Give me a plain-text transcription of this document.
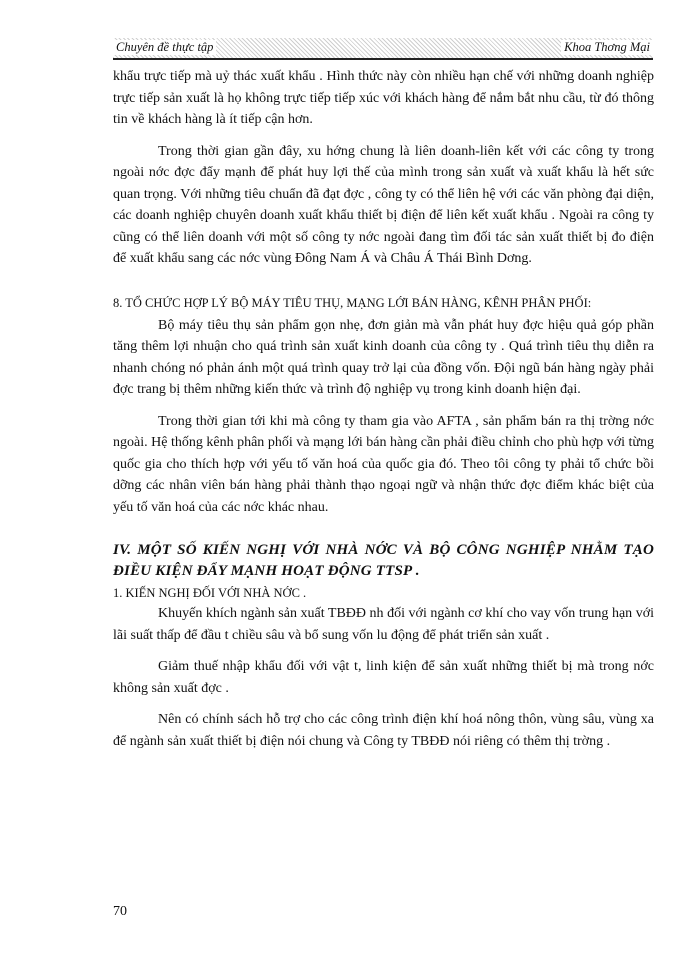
Chuyên đề thực tập	Khoa Thơng Mại

khẩu trực tiếp mà uỷ thác xuất khẩu . Hình thức này còn nhiều hạn chế với những doanh nghiệp trực tiếp sản xuất là họ không trực tiếp tiếp xúc với khách hàng để nắm bắt nhu cầu, từ đó thông tin về khách hàng là ít tiếp cận hơn.

Trong thời gian gần đây, xu hớng chung là liên doanh-liên kết với các công ty trong ngoài nớc đợc đẩy mạnh để phát huy lợi thế của mình trong sản xuất và xuất khẩu là hết sức quan trọng. Với những tiêu chuẩn đã đạt đợc , công ty có thể liên hệ với các văn phòng đại diện, các doanh nghiệp chuyên doanh xuất khẩu thiết bị điện để liên kết xuất khẩu . Ngoài ra công ty cũng có thể liên doanh với một số công ty nớc ngoài đang tìm đối tác sản xuất thiết bị đo điện để xuất khẩu sang các nớc vùng Đông Nam Á và Châu Á Thái Bình Dơng.

8. TỔ CHỨC HỢP LÝ BỘ MÁY TIÊU THỤ, MẠNG LỚI BÁN HÀNG, KÊNH PHÂN PHỐI:

Bộ máy tiêu thụ sản phẩm gọn nhẹ, đơn giản mà vẫn phát huy đợc hiệu quả góp phần tăng thêm lợi nhuận cho quá trình sản xuất kinh doanh của công ty . Quá trình tiêu thụ diễn ra nhanh chóng nó phản ánh một quá trình quay trở lại của đồng vốn. Đội ngũ bán hàng ngày phải đợc trang bị thêm những kiến thức và trình độ nghiệp vụ trong kinh doanh hiện đại.

Trong thời gian tới khi mà công ty tham gia vào AFTA , sản phẩm bán ra thị trờng nớc ngoài. Hệ thống kênh phân phối và mạng lới bán hàng cần phải điều chỉnh cho phù hợp với từng quốc gia cho thích hợp với yếu tố văn hoá của quốc gia đó. Theo tôi công ty phải tổ chức bồi dỡng các nhân viên bán hàng phải thành thạo ngoại ngữ và nhận thức đợc điểm khác biệt của yếu tố văn hoá của các nớc khác nhau.

IV. MỘT SỐ KIẾN NGHỊ VỚI NHÀ NỚC VÀ BỘ CÔNG NGHIỆP NHẰM TẠO ĐIỀU KIỆN ĐẨY MẠNH HOẠT ĐỘNG TTSP .

1. KIẾN NGHỊ ĐỐI VỚI NHÀ NỚC .

Khuyến khích ngành sản xuất TBĐĐ nh đối với ngành cơ khí cho vay vốn trung hạn với lãi suất thấp để đầu t chiều sâu và bổ sung vốn lu động để phát triển sản xuất .

Giảm thuế nhập khẩu đối với vật t, linh kiện để sản xuất những thiết bị mà trong nớc không sản xuất đợc .

Nên có chính sách hỗ trợ cho các công trình điện khí hoá nông thôn, vùng sâu, vùng xa để ngành sản xuất thiết bị điện nói chung và Công ty TBĐĐ nói riêng có thêm thị trờng .

70
